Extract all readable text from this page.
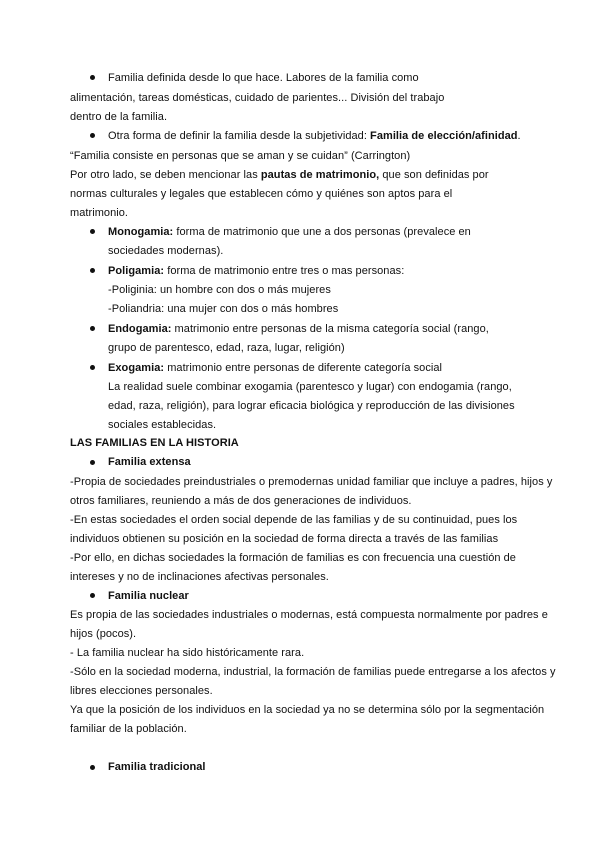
Familia definida desde lo que hace. Labores de la familia como
alimentación, tareas domésticas, cuidado de parientes... División del trabajo
dentro de la familia.
Otra forma de definir la familia desde la subjetividad: Familia de elección/afinidad.
“Familia consiste en personas que se aman y se cuidan” (Carrington)
Por otro lado, se deben mencionar las pautas de matrimonio, que son definidas por
normas culturales y legales que establecen cómo y quiénes son aptos para el
matrimonio.
Monogamia: forma de matrimonio que une a dos personas (prevalece en
sociedades modernas).
Poligamia: forma de matrimonio entre tres o mas personas:
-Poliginia: un hombre con dos o más mujeres
-Poliandria: una mujer con dos o más hombres
Endogamia: matrimonio entre personas de la misma categoría social (rango,
grupo de parentesco, edad, raza, lugar, religión)
Exogamia: matrimonio entre personas de diferente categoría social
La realidad suele combinar exogamia (parentesco y lugar) con endogamia (rango,
edad, raza, religión), para lograr eficacia biológica y reproducción de las divisiones
sociales establecidas.
LAS FAMILIAS EN LA HISTORIA
Familia extensa
-Propia de sociedades preindustriales o premodernas unidad familiar que incluye a padres, hijos y
otros familiares, reuniendo a más de dos generaciones de individuos.
-En estas sociedades el orden social depende de las familias y de su continuidad, pues los
individuos obtienen su posición en la sociedad de forma directa a través de las familias
-Por ello, en dichas sociedades la formación de familias es con frecuencia una cuestión de
intereses y no de inclinaciones afectivas personales.
Familia nuclear
Es propia de las sociedades industriales o modernas, está compuesta normalmente por padres e
hijos (pocos).
- La familia nuclear ha sido históricamente rara.
-Sólo en la sociedad moderna, industrial, la formación de familias puede entregarse a los afectos y
libres elecciones personales.
Ya que la posición de los individuos en la sociedad ya no se determina sólo por la segmentación
familiar de la población.
Familia tradicional
